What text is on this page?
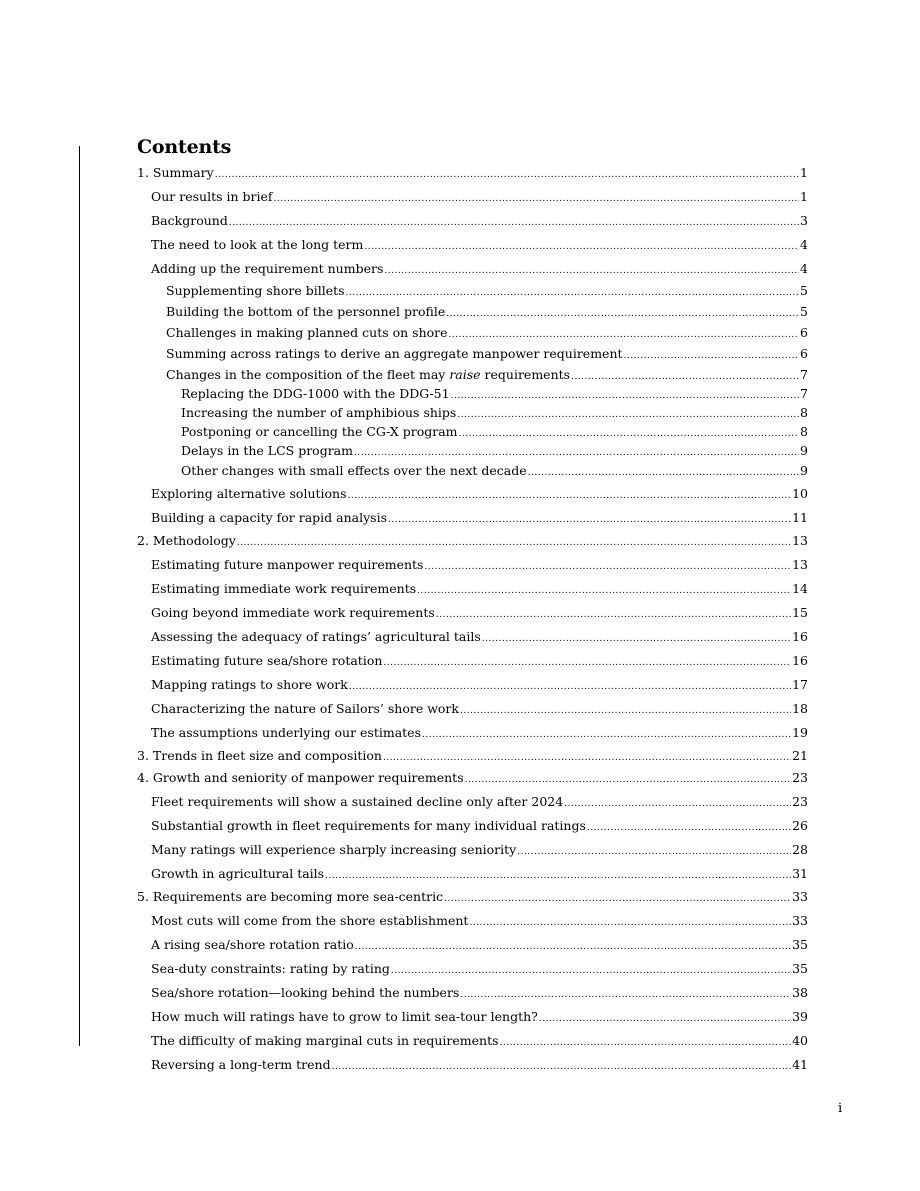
Contents
1. Summary .....	1
Our results in brief .....	1
Background .....	3
The need to look at the long term .....	4
Adding up the requirement numbers .....	4
Supplementing shore billets .....	5
Building the bottom of the personnel profile .....	5
Challenges in making planned cuts on shore .....	6
Summing across ratings to derive an aggregate manpower requirement .....	6
Changes in the composition of the fleet may raise requirements .....	7
Replacing the DDG-1000 with the DDG-51 .....	7
Increasing the number of amphibious ships .....	8
Postponing or cancelling the CG-X program .....	8
Delays in the LCS program .....	9
Other changes with small effects over the next decade .....	9
Exploring alternative solutions .....	10
Building a capacity for rapid analysis .....	11
2. Methodology .....	13
Estimating future manpower requirements .....	13
Estimating immediate work requirements .....	14
Going beyond immediate work requirements .....	15
Assessing the adequacy of ratings’ agricultural tails .....	16
Estimating future sea/shore rotation .....	16
Mapping ratings to shore work .....	17
Characterizing the nature of Sailors’ shore work .....	18
The assumptions underlying our estimates .....	19
3. Trends in fleet size and composition .....	21
4. Growth and seniority of manpower requirements .....	23
Fleet requirements will show a sustained decline only after 2024 .....	23
Substantial growth in fleet requirements for many individual ratings .....	26
Many ratings will experience sharply increasing seniority .....	28
Growth in agricultural tails .....	31
5. Requirements are becoming more sea-centric .....	33
Most cuts will come from the shore establishment .....	33
A rising sea/shore rotation ratio .....	35
Sea-duty constraints: rating by rating .....	35
Sea/shore rotation—looking behind the numbers .....	38
How much will ratings have to grow to limit sea-tour length? .....	39
The difficulty of making marginal cuts in requirements .....	40
Reversing a long-term trend .....	41
i
